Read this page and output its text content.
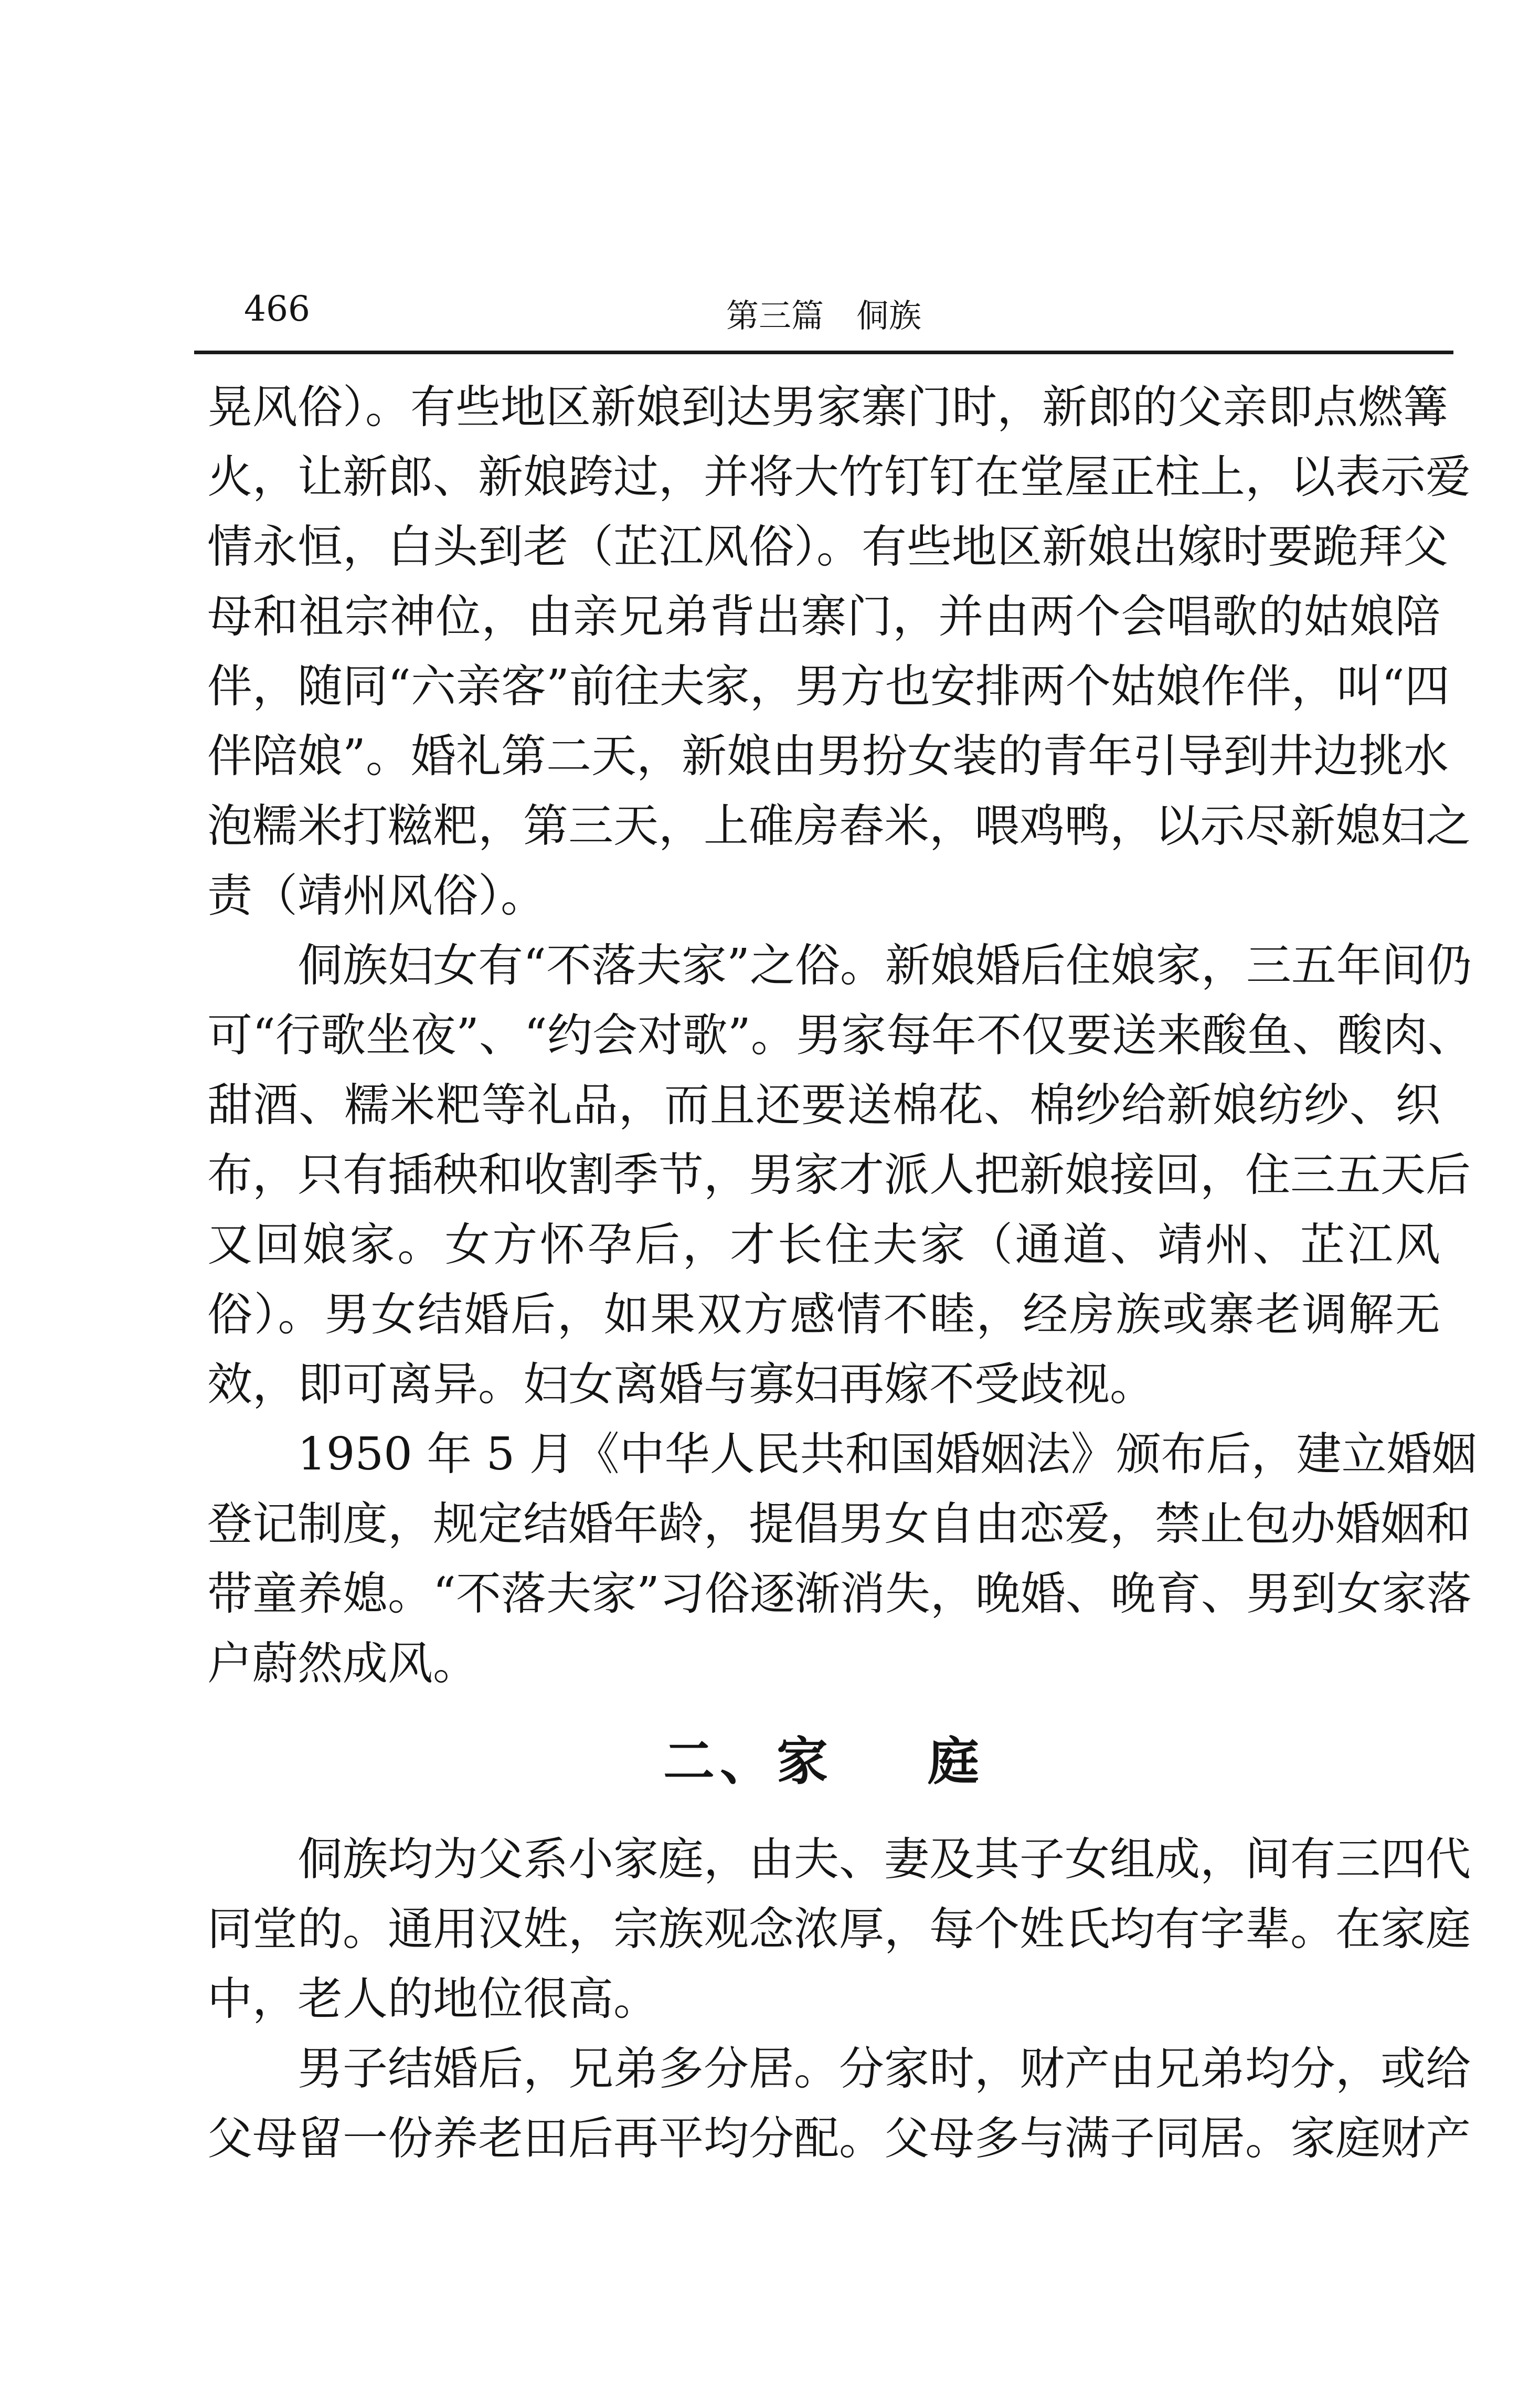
466	第三篇　侗族
晃风俗）。有些地区新娘到达男家寨门时，新郎的父亲即点燃篝
火，让新郎、新娘跨过，并将大竹钉钉在堂屋正柱上，以表示爱
情永恒，白头到老（芷江风俗）。有些地区新娘出嫁时要跪拜父
母和祖宗神位，由亲兄弟背出寨门，并由两个会唱歌的姑娘陪
伴，随同“六亲客”前往夫家，男方也安排两个姑娘作伴，叫“四
伴陪娘”。婚礼第二天，新娘由男扮女装的青年引导到井边挑水
泡糯米打糍粑，第三天，上碓房舂米，喂鸡鸭，以示尽新媳妇之
责（靖州风俗）。
侗族妇女有“不落夫家”之俗。新娘婚后住娘家，三五年间仍
可“行歌坐夜”、“约会对歌”。男家每年不仅要送来酸鱼、酸肉、
甜酒、糯米粑等礼品，而且还要送棉花、棉纱给新娘纺纱、织
布，只有插秧和收割季节，男家才派人把新娘接回，住三五天后
又回娘家。女方怀孕后，才长住夫家（通道、靖州、芷江风
俗）。男女结婚后，如果双方感情不睦，经房族或寨老调解无
效，即可离异。妇女离婚与寡妇再嫁不受歧视。
1950 年 5 月《中华人民共和国婚姻法》颁布后，建立婚姻
登记制度，规定结婚年龄，提倡男女自由恋爱，禁止包办婚姻和
带童养媳。“不落夫家”习俗逐渐消失，晚婚、晚育、男到女家落
户蔚然成风。
二、家 庭
侗族均为父系小家庭，由夫、妻及其子女组成，间有三四代
同堂的。通用汉姓，宗族观念浓厚，每个姓氏均有字辈。在家庭
中，老人的地位很高。
男子结婚后，兄弟多分居。分家时，财产由兄弟均分，或给
父母留一份养老田后再平均分配。父母多与满子同居。家庭财产
